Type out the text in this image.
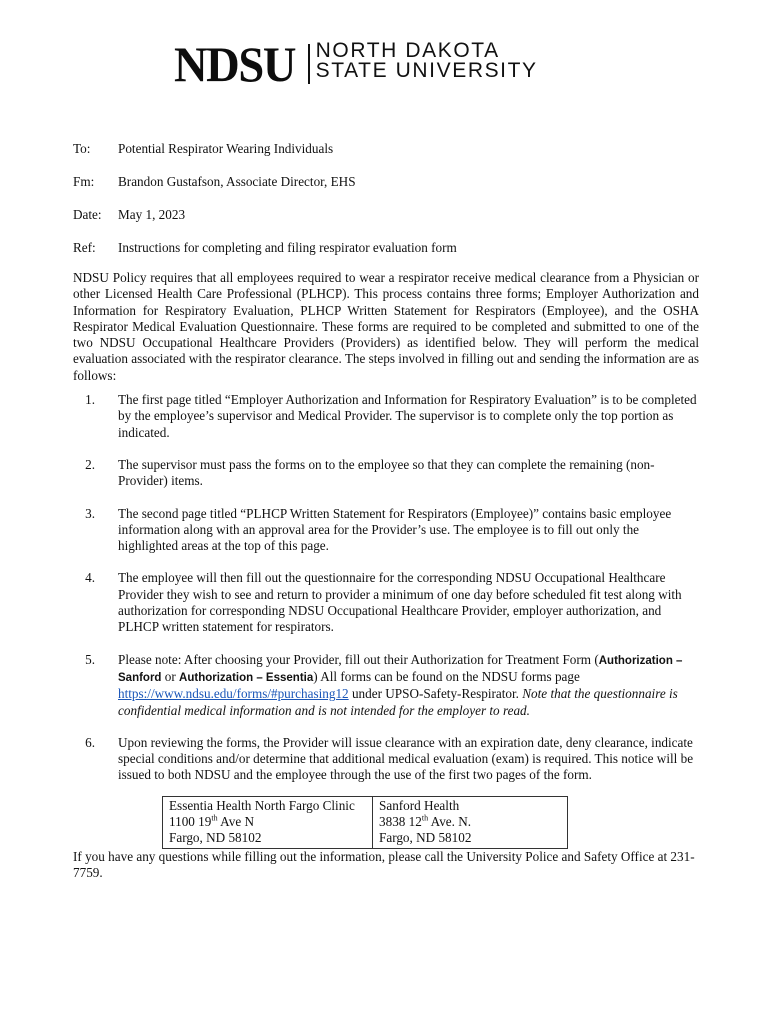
NDSU NORTH DAKOTA
STATE UNIVERSITY
To:	Potential Respirator Wearing Individuals
Fm:	Brandon Gustafson, Associate Director, EHS
Date:	May 1, 2023
Ref:	Instructions for completing and filing respirator evaluation form

NDSU Policy requires that all employees required to wear a respirator receive medical clearance from a Physician or other Licensed Health Care Professional (PLHCP). This process contains three forms; Employer Authorization and Information for Respiratory Evaluation, PLHCP Written Statement for Respirators (Employee), and the OSHA Respirator Medical Evaluation Questionnaire. These forms are required to be completed and submitted to one of the two NDSU Occupational Healthcare Providers (Providers) as identified below. They will perform the medical evaluation associated with the respirator clearance. The steps involved in filling out and sending the information are as follows:

1.	The first page titled “Employer Authorization and Information for Respiratory Evaluation” is to be completed by the employee’s supervisor and Medical Provider. The supervisor is to complete only the top portion as indicated.
2.	The supervisor must pass the forms on to the employee so that they can complete the remaining (non-Provider) items.
3.	The second page titled “PLHCP Written Statement for Respirators (Employee)” contains basic employee information along with an approval area for the Provider’s use. The employee is to fill out only the highlighted areas at the top of this page.
4.	The employee will then fill out the questionnaire for the corresponding NDSU Occupational Healthcare Provider they wish to see and return to provider a minimum of one day before scheduled fit test along with authorization for corresponding NDSU Occupational Healthcare Provider, employer authorization, and PLHCP written statement for respirators.
5.	Please note: After choosing your Provider, fill out their Authorization for Treatment Form (Authorization – Sanford or Authorization – Essentia) All forms can be found on the NDSU forms page https://www.ndsu.edu/forms/#purchasing12 under UPSO-Safety-Respirator. Note that the questionnaire is confidential medical information and is not intended for the employer to read.
6.	Upon reviewing the forms, the Provider will issue clearance with an expiration date, deny clearance, indicate special conditions and/or determine that additional medical evaluation (exam) is required. This notice will be issued to both NDSU and the employee through the use of the first two pages of the form.
Essentia Health North Fargo Clinic
1100 19th Ave N
Fargo, ND 58102

Sanford Health
3838 12th Ave. N.
Fargo, ND 58102

If you have any questions while filling out the information, please call the University Police and Safety Office at 231-7759.
